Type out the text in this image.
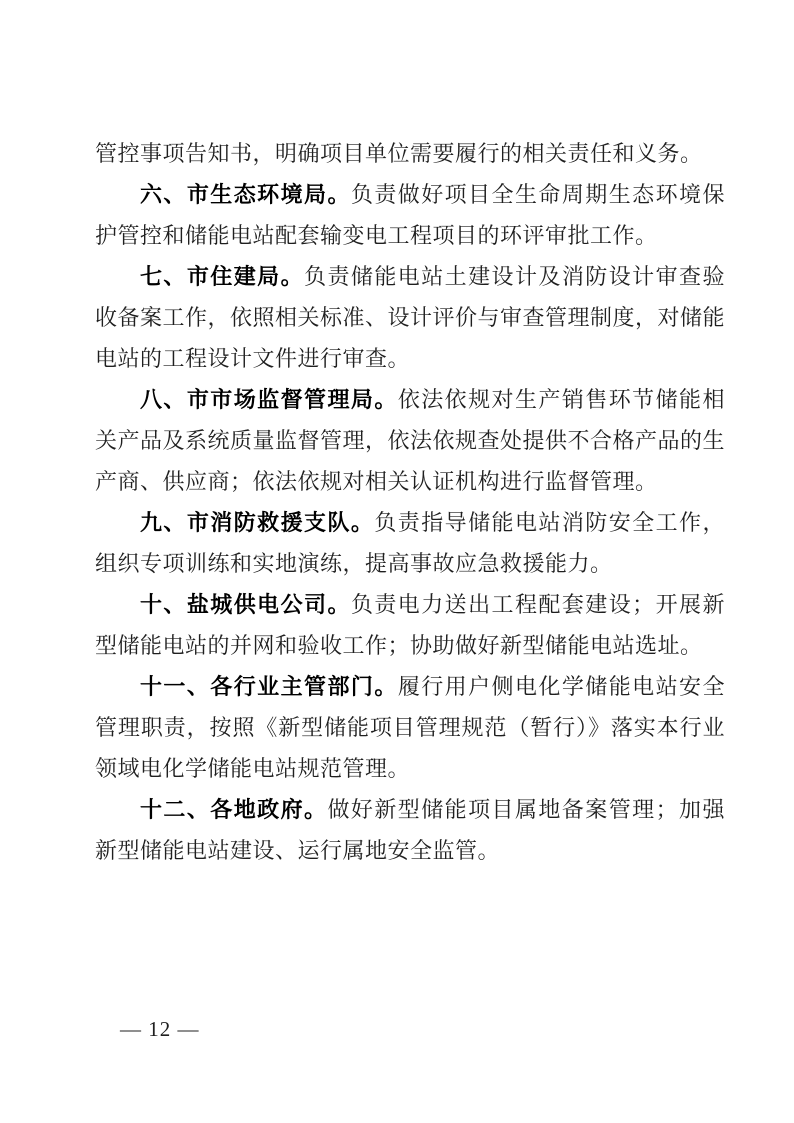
管控事项告知书，明确项目单位需要履行的相关责任和义务。

六、市生态环境局。负责做好项目全生命周期生态环境保护管控和储能电站配套输变电工程项目的环评审批工作。

七、市住建局。负责储能电站土建设计及消防设计审查验收备案工作，依照相关标准、设计评价与审查管理制度，对储能电站的工程设计文件进行审查。

八、市市场监督管理局。依法依规对生产销售环节储能相关产品及系统质量监督管理，依法依规查处提供不合格产品的生产商、供应商；依法依规对相关认证机构进行监督管理。

九、市消防救援支队。负责指导储能电站消防安全工作，组织专项训练和实地演练，提高事故应急救援能力。

十、盐城供电公司。负责电力送出工程配套建设；开展新型储能电站的并网和验收工作；协助做好新型储能电站选址。

十一、各行业主管部门。履行用户侧电化学储能电站安全管理职责，按照《新型储能项目管理规范（暂行）》落实本行业领域电化学储能电站规范管理。

十二、各地政府。做好新型储能项目属地备案管理；加强新型储能电站建设、运行属地安全监管。

— 12 —
